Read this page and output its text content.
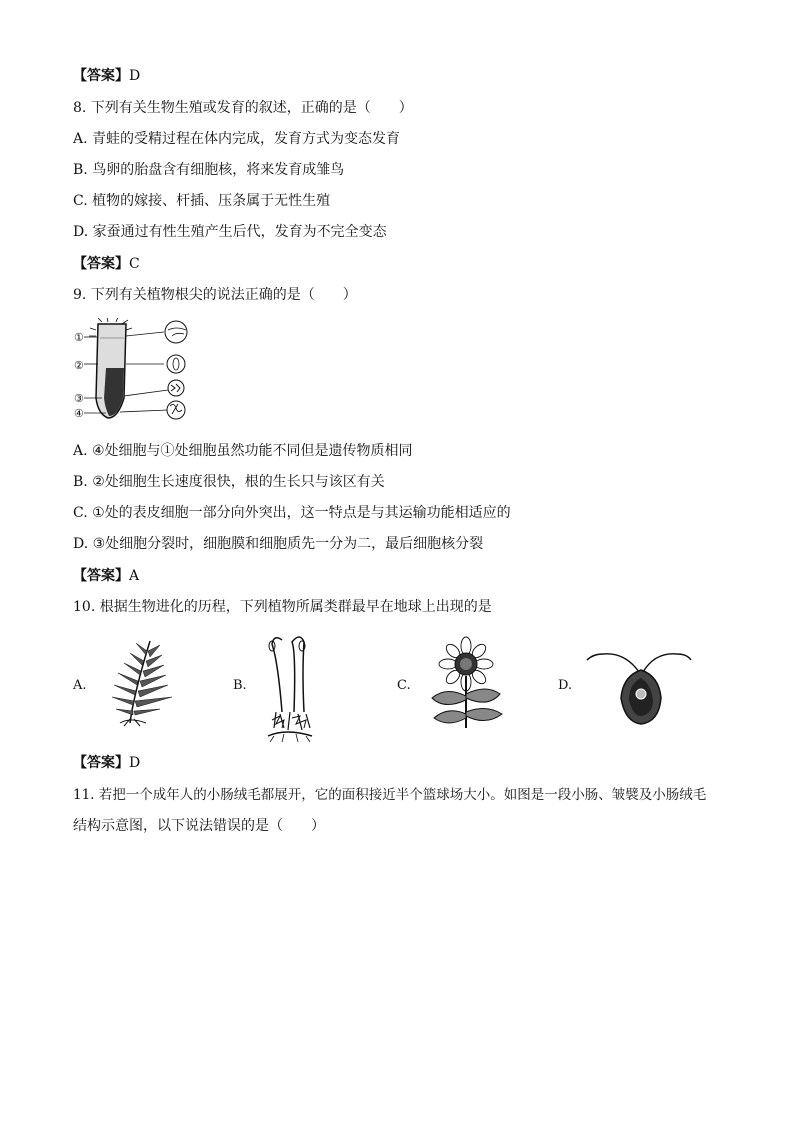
【答案】D
8. 下列有关生物生殖或发育的叙述，正确的是（　　）
A. 青蛙的受精过程在体内完成，发育方式为变态发育
B. 鸟卵的胎盘含有细胞核，将来发育成雏鸟
C. 植物的嫁接、杆插、压条属于无性生殖
D. 家蚕通过有性生殖产生后代，发育为不完全变态
【答案】C
9. 下列有关植物根尖的说法正确的是（　　）
①
②
③
④
A. ④处细胞与①处细胞虽然功能不同但是遗传物质相同
B. ②处细胞生长速度很快，根的生长只与该区有关
C. ①处的表皮细胞一部分向外突出，这一特点是与其运输功能相适应的
D. ③处细胞分裂时，细胞膜和细胞质先一分为二，最后细胞核分裂
【答案】A
10. 根据生物进化的历程，下列植物所属类群最早在地球上出现的是
A.	B.	C.	D.
【答案】D
11. 若把一个成年人的小肠绒毛都展开，它的面积接近半个篮球场大小。如图是一段小肠、皱襞及小肠绒毛
结构示意图，以下说法错误的是（　　）
